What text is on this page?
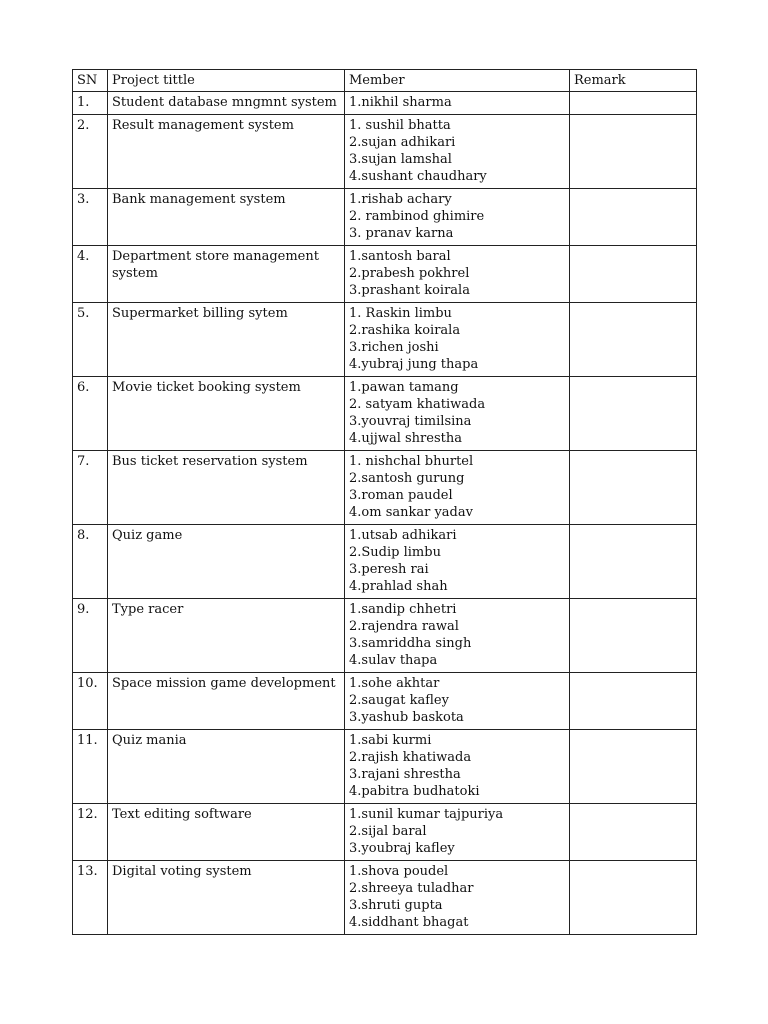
SN	Project tittle	Member	Remark
1.	Student database mngmnt system	1.nikhil sharma	

2.	Result management system	1. sushil bhatta
2.sujan adhikari
3.sujan lamshal
4.sushant chaudhary	

3.	Bank management system	1.rishab achary
2. rambinod ghimire
3. pranav karna	

4.	Department store management system	1.santosh baral
2.prabesh pokhrel
3.prashant koirala	

5.	Supermarket billing sytem	1. Raskin limbu
2.rashika koirala
3.richen joshi
4.yubraj jung thapa	

6.	Movie ticket booking system	1.pawan tamang
2. satyam khatiwada
3.youvraj timilsina
4.ujjwal shrestha	

7.	Bus ticket reservation system	1. nishchal bhurtel
2.santosh gurung
3.roman paudel
4.om sankar yadav	

8.	Quiz game	1.utsab adhikari
2.Sudip limbu
3.peresh rai
4.prahlad shah	

9.	Type racer	1.sandip chhetri
2.rajendra rawal
3.samriddha singh
4.sulav thapa	

10.	Space mission game development	1.sohe akhtar
2.saugat kafley
3.yashub baskota	

11.	Quiz mania	1.sabi kurmi
2.rajish khatiwada
3.rajani shrestha
4.pabitra budhatoki	

12.	Text editing software	1.sunil kumar tajpuriya
2.sijal baral
3.youbraj kafley	

13.	Digital voting system	1.shova poudel
2.shreeya tuladhar
3.shruti gupta
4.siddhant bhagat	
